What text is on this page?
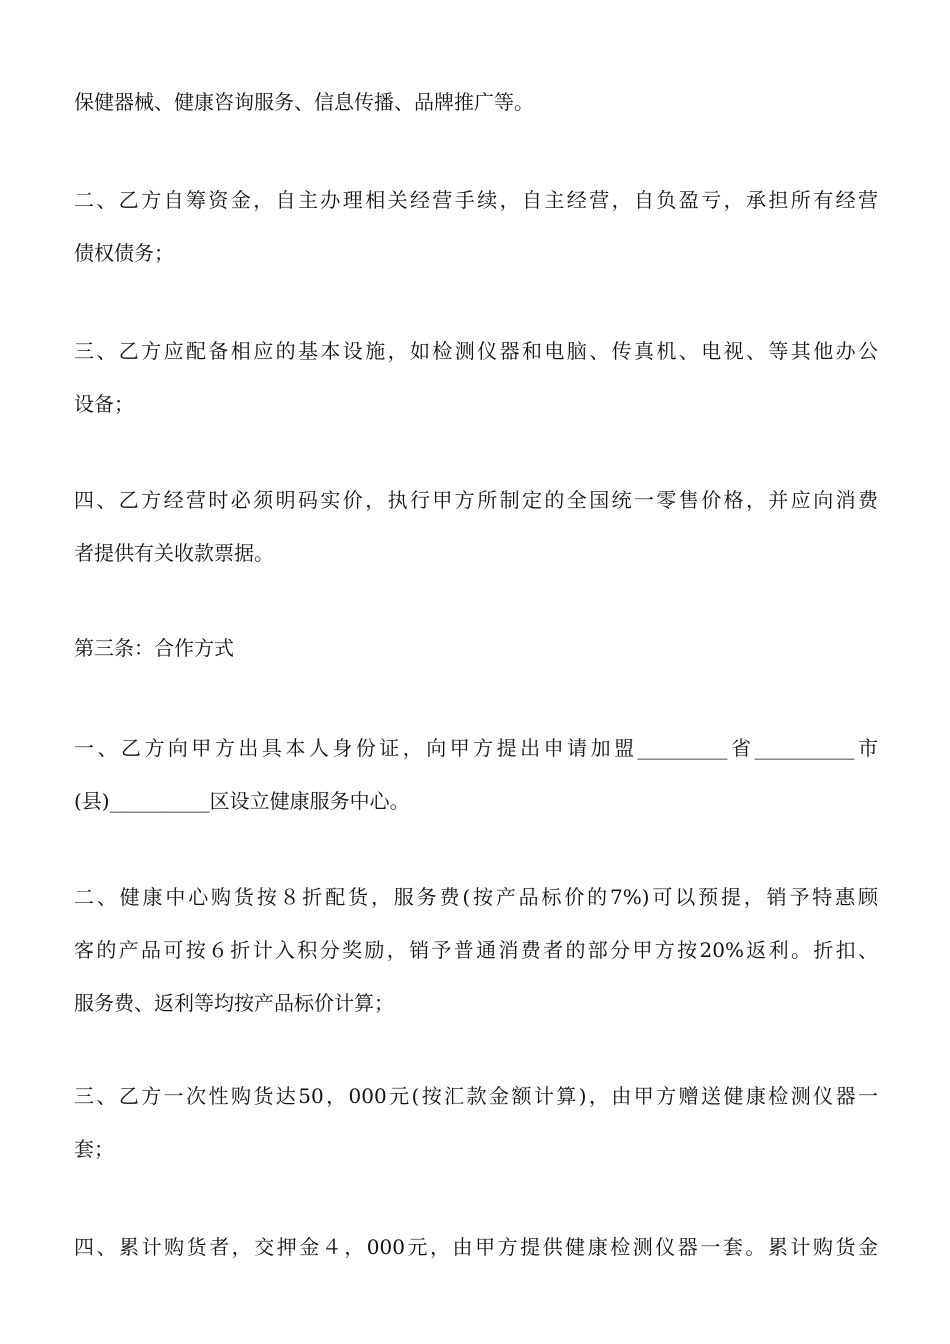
保健器械、健康咨询服务、信息传播、品牌推广等。
二、乙方自筹资金，自主办理相关经营手续，自主经营，自负盈亏，承担所有经营
债权债务；
三、乙方应配备相应的基本设施，如检测仪器和电脑、传真机、电视、等其他办公
设备；
四、乙方经营时必须明码实价，执行甲方所制定的全国统一零售价格，并应向消费
者提供有关收款票据。
第三条：合作方式
一、乙方向甲方出具本人身份证，向甲方提出申请加盟_________省__________市
(县)__________区设立健康服务中心。
二、健康中心购货按８折配货，服务费(按产品标价的7%)可以预提，销予特惠顾
客的产品可按６折计入积分奖励，销予普通消费者的部分甲方按20%返利。折扣、
服务费、返利等均按产品标价计算；
三、乙方一次性购货达50，000元(按汇款金额计算)，由甲方赠送健康检测仪器一
套；
四、累计购货者，交押金４，000元，由甲方提供健康检测仪器一套。累计购货金
